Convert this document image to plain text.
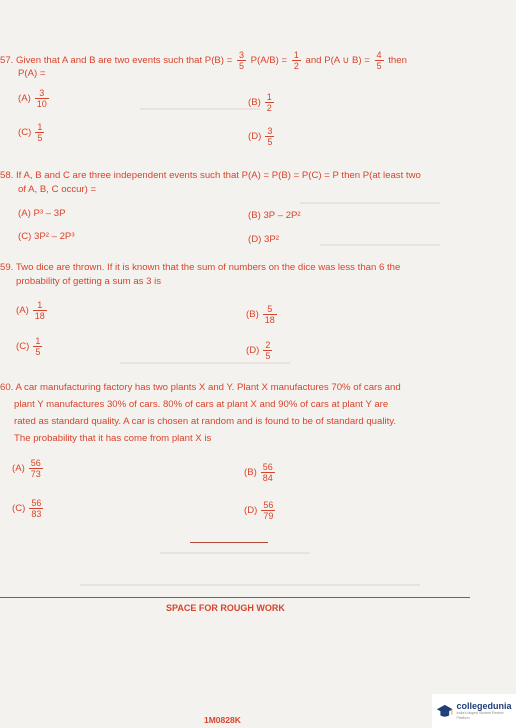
57. Given that A and B are two events such that $P(B) = \frac{3}{5} P(A/B) = \frac{1}{2}$ and P(A ∪ $B) = \frac{4}{5}$ then
P(A) =
$(A) \frac{3}{10}$	$(B) \frac{1}{2}$
$(C) \frac{1}{5}$	$(D) \frac{3}{5}$
58. If A, B and C are three independent events such that P(A) = P(B) = P(C) = P then P(at least two
of A, B, C occur) =
(A) P³ – 3P	(B) 3P – 2P²
(C) 3P² – 2P³	(D) 3P²
59. Two dice are thrown. If it is known that the sum of numbers on the dice was less than 6 the
probability of getting a sum as 3 is
$(A) \frac{1}{18}$	$(B) \frac{5}{18}$
$(C) \frac{1}{5}$	$(D) \frac{2}{5}$
60. A car manufacturing factory has two plants X and Y. Plant X manufactures 70% of cars and
plant Y manufactures 30% of cars. 80% of cars at plant X and 90% of cars at plant Y are
rated as standard quality. A car is chosen at random and is found to be of standard quality.
The probability that it has come from plant X is
$(A) \frac{56}{73}$	$(B) \frac{56}{84}$
$(C) \frac{56}{83}$	$(D) \frac{56}{79}$
SPACE FOR ROUGH WORK
1M0828K
collegedunia
India's largest Student Review Platform
